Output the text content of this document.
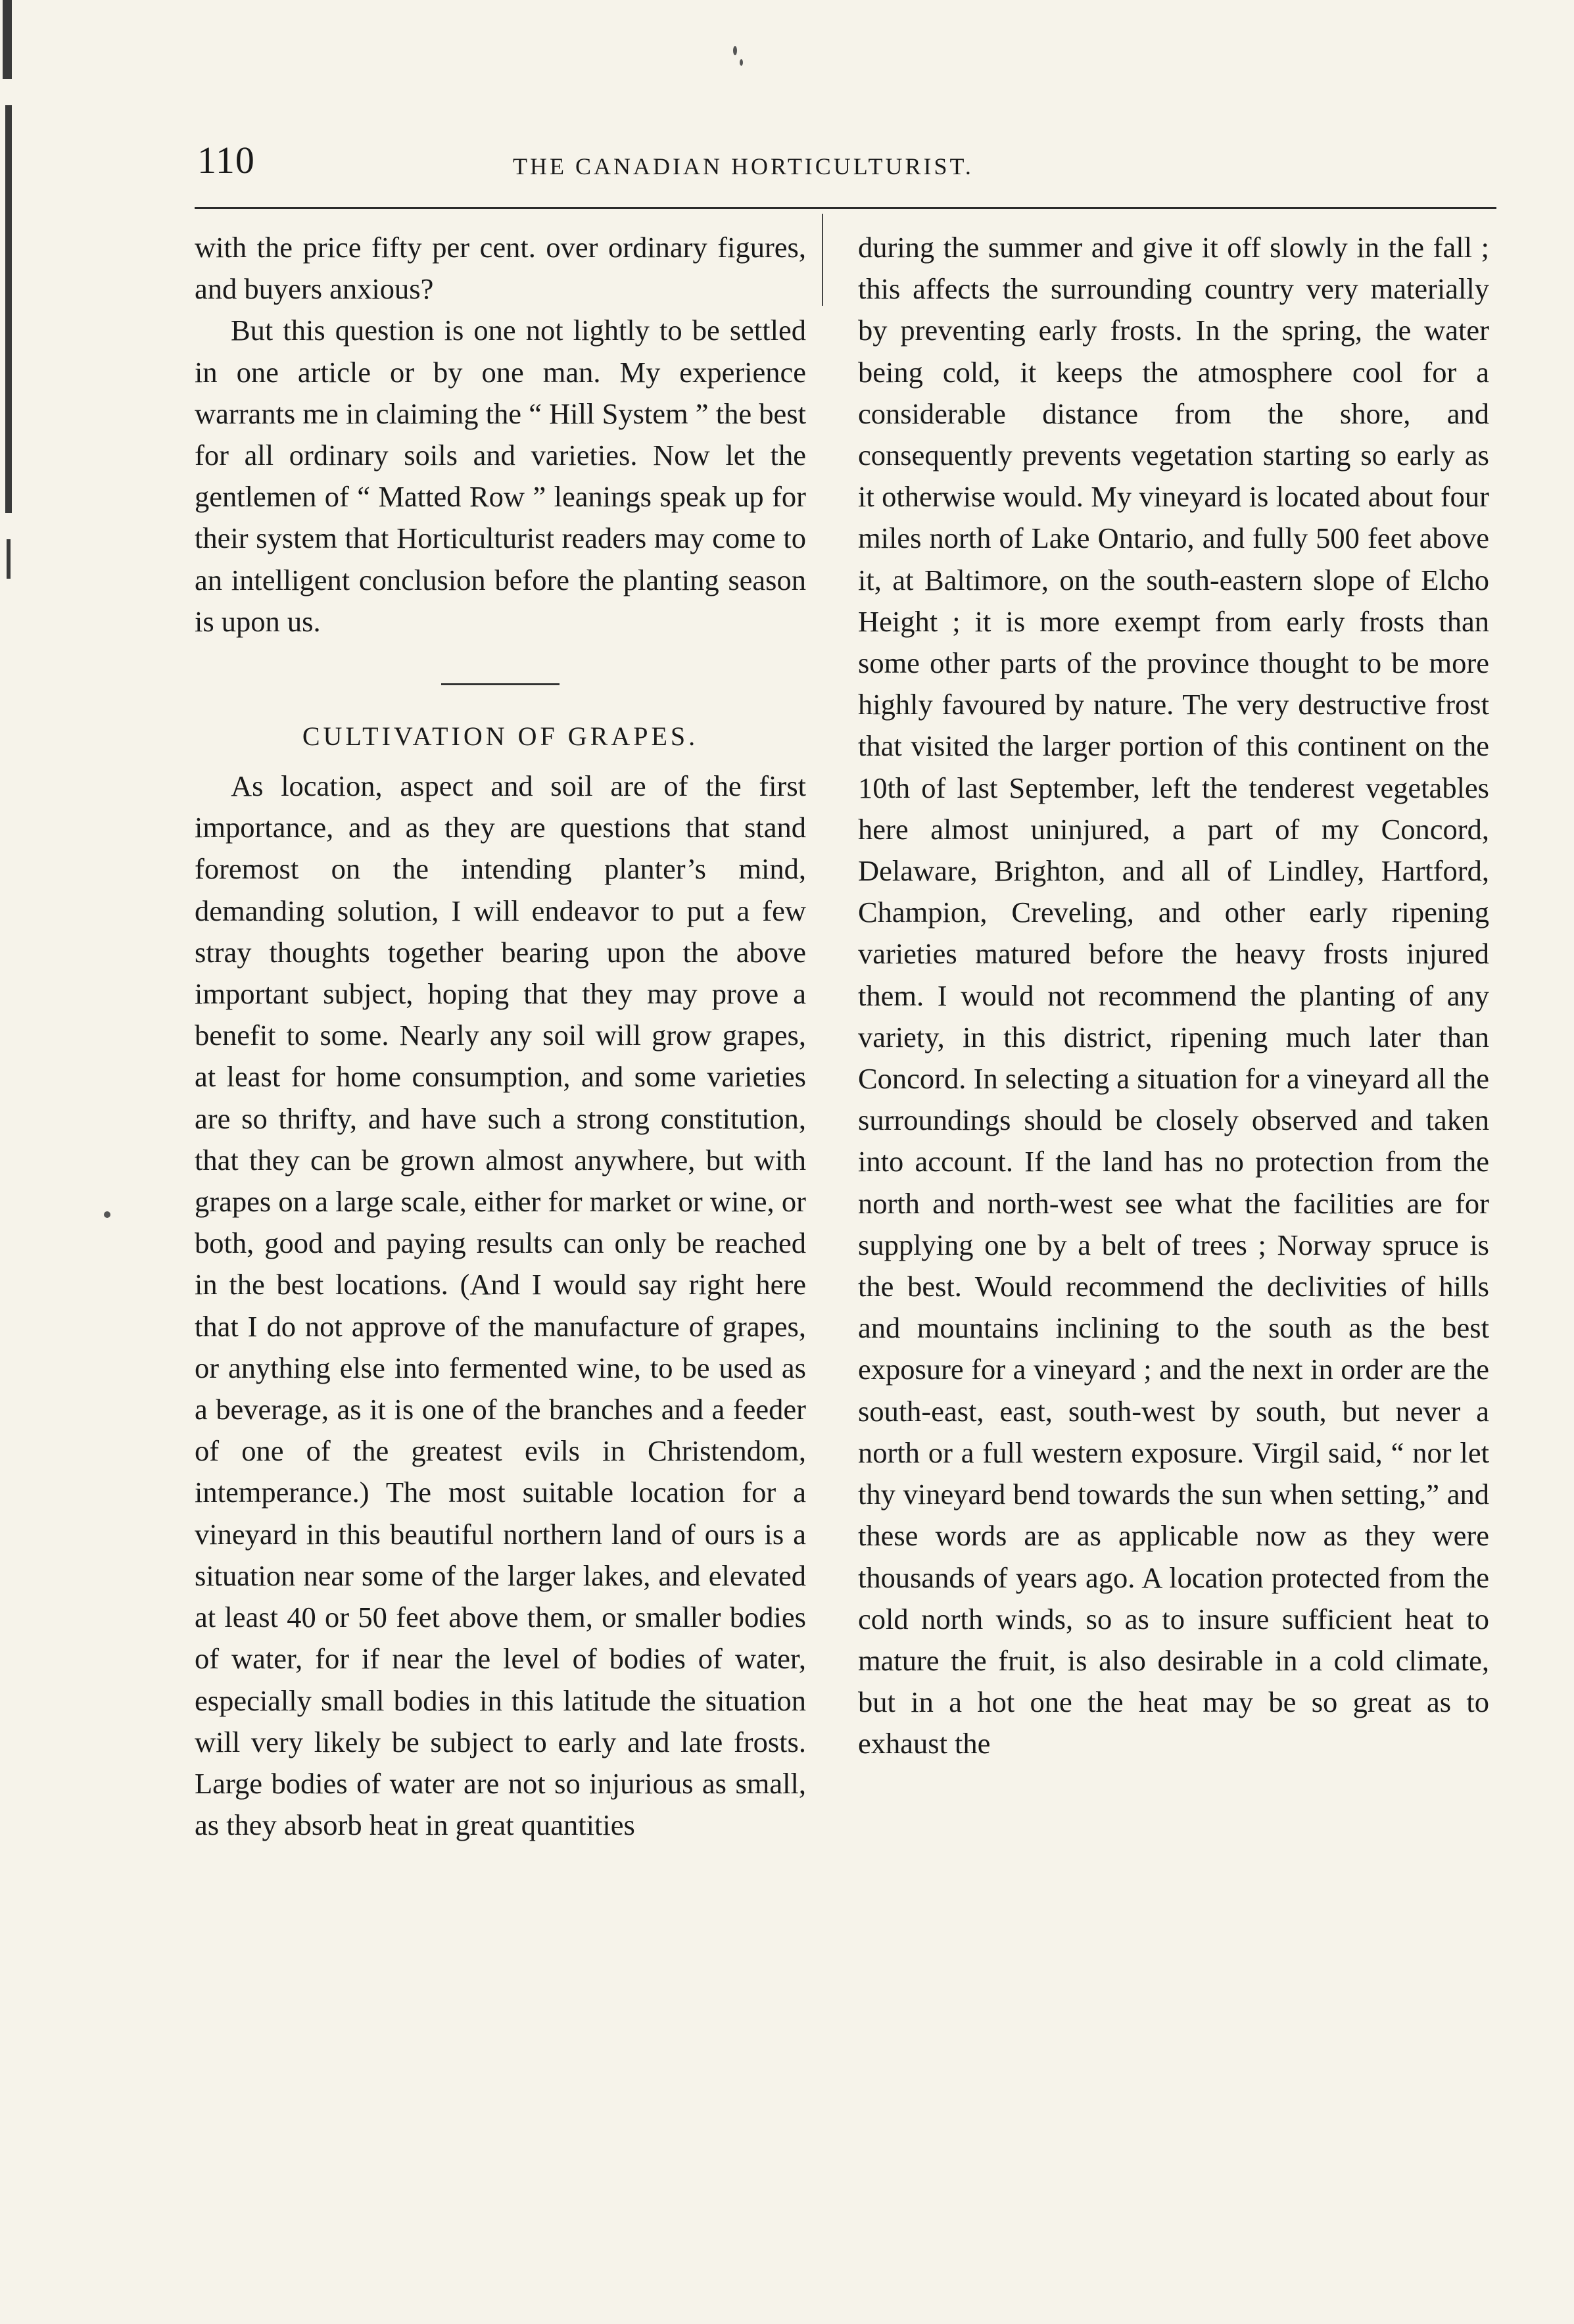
110	THE CANADIAN HORTICULTURIST.

with the price fifty per cent. over ordinary figures, and buyers anxious?

But this question is one not lightly to be settled in one article or by one man. My experience warrants me in claiming the “ Hill System ” the best for all ordinary soils and varieties. Now let the gentlemen of “ Matted Row ” leanings speak up for their system that Horticulturist readers may come to an intelligent conclusion before the planting season is upon us.

CULTIVATION OF GRAPES.

As location, aspect and soil are of the first importance, and as they are questions that stand foremost on the intending planter’s mind, demanding solution, I will endeavor to put a few stray thoughts together bearing upon the above important subject, hoping that they may prove a benefit to some. Nearly any soil will grow grapes, at least for home consumption, and some varieties are so thrifty, and have such a strong constitution, that they can be grown almost anywhere, but with grapes on a large scale, either for market or wine, or both, good and paying results can only be reached in the best locations. (And I would say right here that I do not approve of the manufacture of grapes, or anything else into fermented wine, to be used as a beverage, as it is one of the branches and a feeder of one of the greatest evils in Christendom, intemperance.) The most suitable location for a vineyard in this beautiful northern land of ours is a situation near some of the larger lakes, and elevated at least 40 or 50 feet above them, or smaller bodies of water, for if near the level of bodies of water, especially small bodies in this latitude the situation will very likely be subject to early and late frosts. Large bodies of water are not so injurious as small, as they absorb heat in great quantities

during the summer and give it off slowly in the fall ; this affects the surrounding country very materially by preventing early frosts. In the spring, the water being cold, it keeps the atmosphere cool for a considerable distance from the shore, and consequently prevents vegetation starting so early as it otherwise would. My vineyard is located about four miles north of Lake Ontario, and fully 500 feet above it, at Baltimore, on the south-eastern slope of Elcho Height ; it is more exempt from early frosts than some other parts of the province thought to be more highly favoured by nature. The very destructive frost that visited the larger portion of this continent on the 10th of last September, left the tenderest vegetables here almost uninjured, a part of my Concord, Delaware, Brighton, and all of Lindley, Hartford, Champion, Creveling, and other early ripening varieties matured before the heavy frosts injured them. I would not recommend the planting of any variety, in this district, ripening much later than Concord. In selecting a situation for a vineyard all the surroundings should be closely observed and taken into account. If the land has no protection from the north and north-west see what the facilities are for supplying one by a belt of trees ; Norway spruce is the best. Would recommend the declivities of hills and mountains inclining to the south as the best exposure for a vineyard ; and the next in order are the south-east, east, south-west by south, but never a north or a full western exposure. Virgil said, “ nor let thy vineyard bend towards the sun when setting,” and these words are as applicable now as they were thousands of years ago. A location protected from the cold north winds, so as to insure sufficient heat to mature the fruit, is also desirable in a cold climate, but in a hot one the heat may be so great as to exhaust the
